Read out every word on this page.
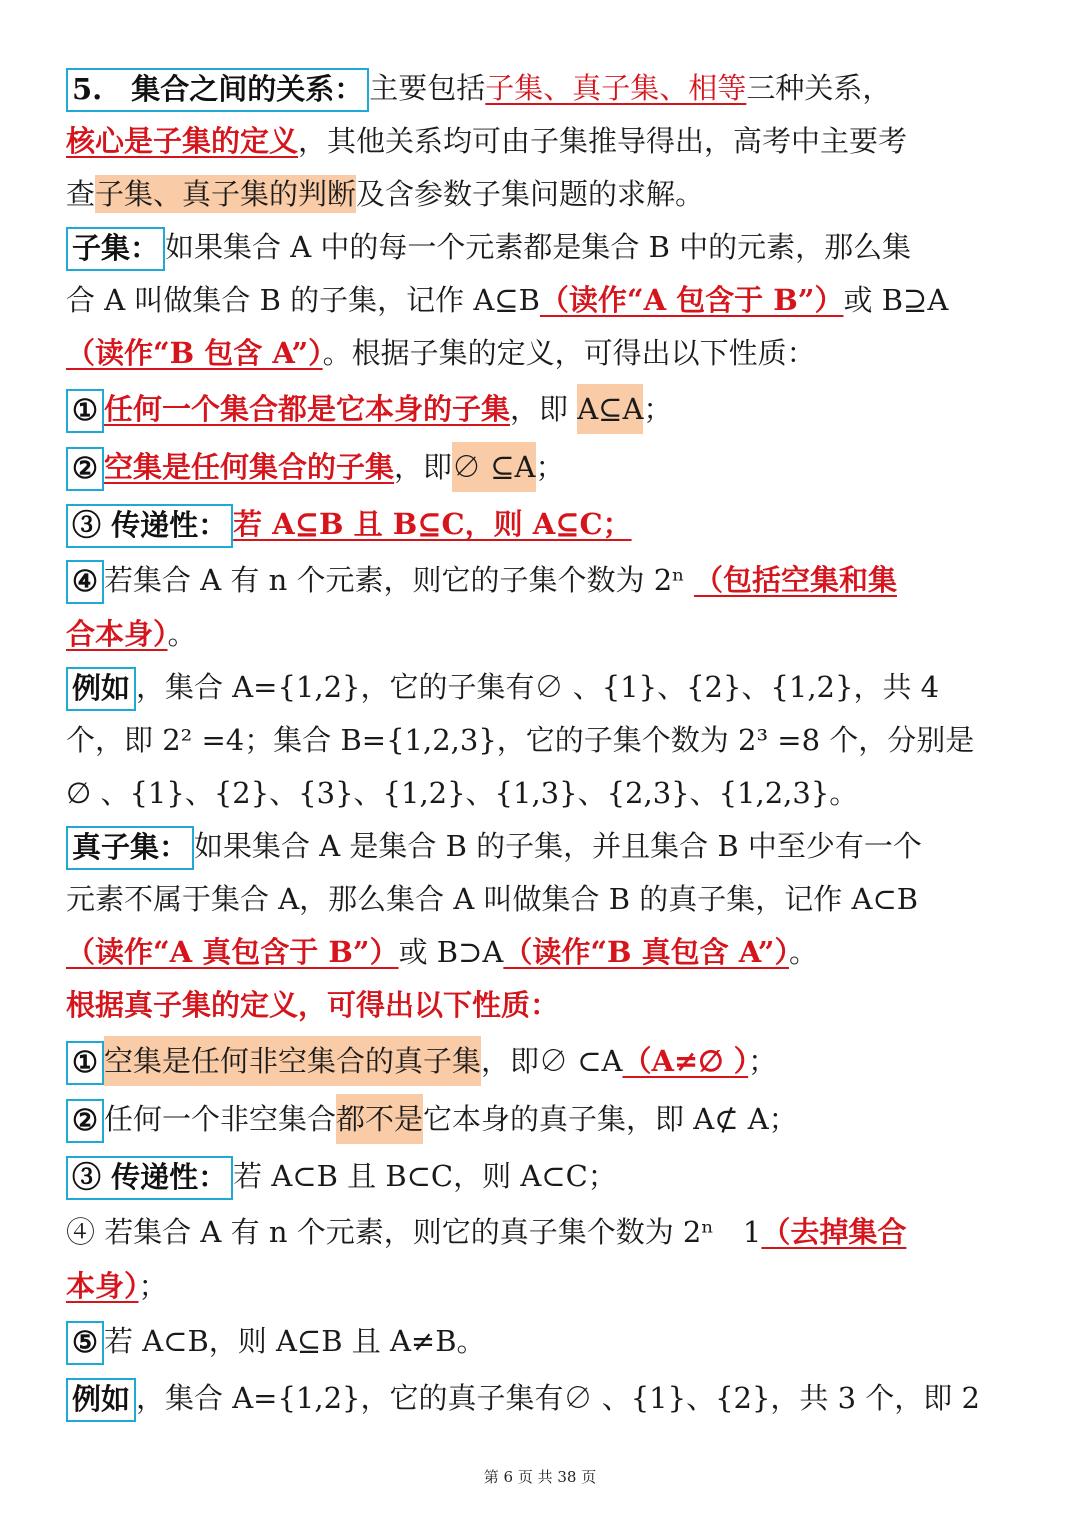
5.　集合之间的关系： 主要包括子集、真子集、相等三种关系，
核心是子集的定义，其他关系均可由子集推导得出，高考中主要考
查子集、真子集的判断及含参数子集问题的求解。
子集： 如果集合 A 中的每一个元素都是集合 B 中的元素，那么集
合 A 叫做集合 B 的子集，记作 A⊆B（读作“A 包含于 B”）或 B⊇A
（读作“B 包含 A”）。根据子集的定义，可得出以下性质：
① 任何一个集合都是它本身的子集，即 A⊆A；
② 空集是任何集合的子集，即∅ ⊆A；
③ 传递性： 若 A⊆B 且 B⊆C，则 A⊆C；
④ 若集合 A 有 n 个元素，则它的子集个数为 2ⁿ （包括空集和集
合本身）。
例如 ，集合 A={1,2}，它的子集有∅ 、{1}、{2}、{1,2}，共 4
个，即 2² =4；集合 B={1,2,3}，它的子集个数为 2³ =8 个，分别是
∅ 、{1}、{2}、{3}、{1,2}、{1,3}、{2,3}、{1,2,3}。
真子集： 如果集合 A 是集合 B 的子集，并且集合 B 中至少有一个
元素不属于集合 A，那么集合 A 叫做集合 B 的真子集，记作 A⊂B
（读作“A 真包含于 B”）或 B⊃A（读作“B 真包含 A”）。
根据真子集的定义，可得出以下性质：
① 空集是任何非空集合的真子集，即∅ ⊂A（A≠∅ ）；
② 任何一个非空集合都不是它本身的真子集，即 A⊄ A；
③ 传递性： 若 A⊂B 且 B⊂C，则 A⊂C；
④ 若集合 A 有 n 个元素，则它的真子集个数为 2ⁿ　1（去掉集合
本身）；
⑤ 若 A⊂B，则 A⊆B 且 A≠B。
例如 ，集合 A={1,2}，它的真子集有∅ 、{1}、{2}，共 3 个，即 2
第 6 页 共 38 页
